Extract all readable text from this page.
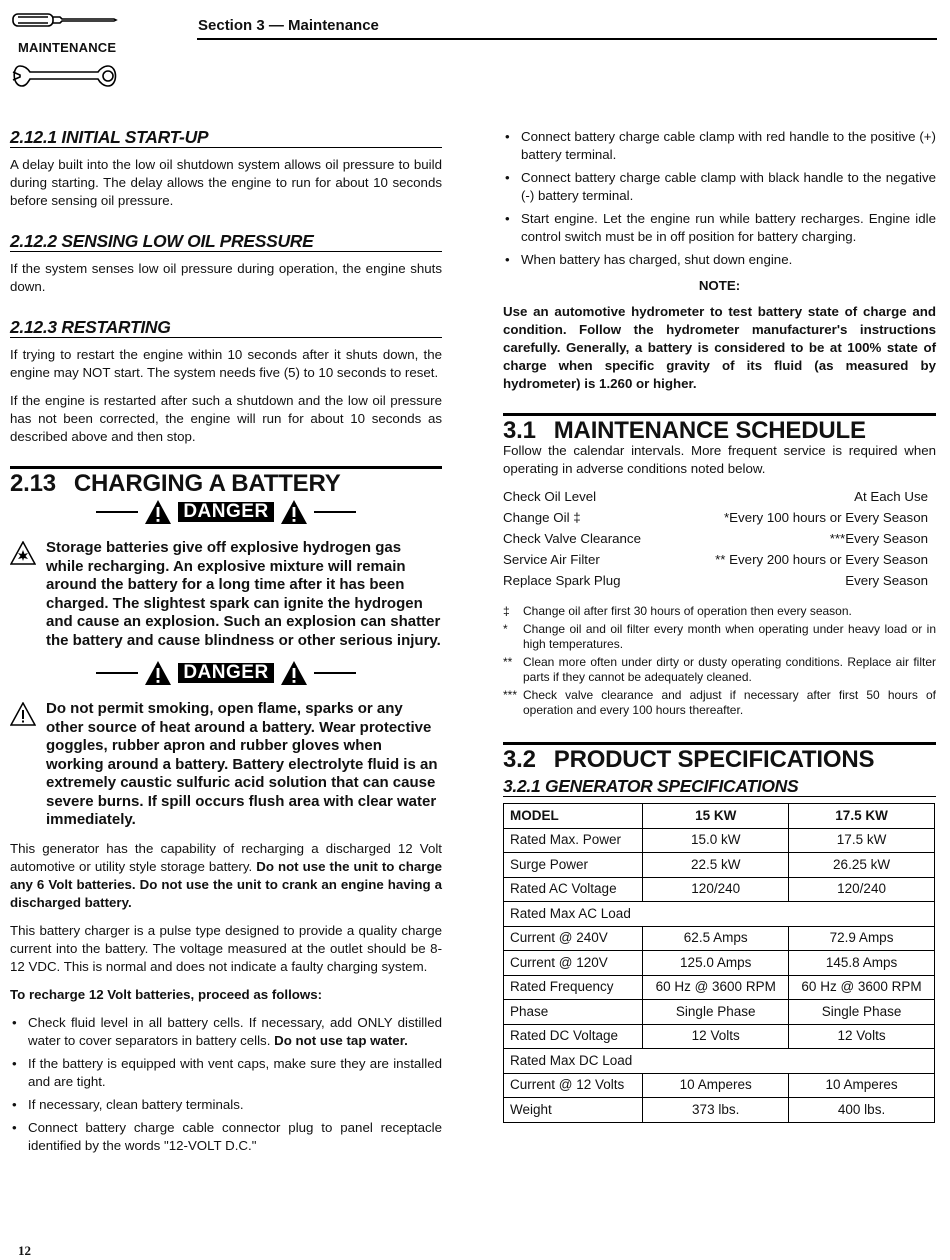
MAINTENANCE
Section 3 — Maintenance
2.12.1 INITIAL START-UP

A delay built into the low oil shutdown system allows oil pressure to build during starting. The delay allows the engine to run for about 10 seconds before sensing oil pressure.

2.12.2 SENSING LOW OIL PRESSURE

If the system senses low oil pressure during operation, the engine shuts down.

2.12.3 RESTARTING

If trying to restart the engine within 10 seconds after it shuts down, the engine may NOT start. The system needs five (5) to 10 seconds to reset.

If the engine is restarted after such a shutdown and the low oil pressure has not been corrected, the engine will run for about 10 seconds as described above and then stop.

2.13 CHARGING A BATTERY
DANGER
Storage batteries give off explosive hydrogen gas while recharging. An explosive mixture will remain around the battery for a long time after it has been charged. The slightest spark can ignite the hydrogen and cause an explosion. Such an explosion can shatter the battery and cause blindness or other serious injury.
DANGER
Do not permit smoking, open flame, sparks or any other source of heat around a battery. Wear protective goggles, rubber apron and rubber gloves when working around a battery. Battery electrolyte fluid is an extremely caustic sulfuric acid solution that can cause severe burns. If spill occurs flush area with clear water immediately.

This generator has the capability of recharging a discharged 12 Volt automotive or utility style storage battery. Do not use the unit to charge any 6 Volt batteries. Do not use the unit to crank an engine having a discharged battery.

This battery charger is a pulse type designed to provide a quality charge current into the battery. The voltage measured at the outlet should be 8-12 VDC. This is normal and does not indicate a faulty charging system.

To recharge 12 Volt batteries, proceed as follows:

• Check fluid level in all battery cells. If necessary, add ONLY distilled water to cover separators in battery cells. Do not use tap water.
• If the battery is equipped with vent caps, make sure they are installed and are tight.
• If necessary, clean battery terminals.
• Connect battery charge cable connector plug to panel receptacle identified by the words "12-VOLT D.C."
• Connect battery charge cable clamp with red handle to the positive (+) battery terminal.
• Connect battery charge cable clamp with black handle to the negative (-) battery terminal.
• Start engine. Let the engine run while battery recharges. Engine idle control switch must be in off position for battery charging.
• When battery has charged, shut down engine.
NOTE:

Use an automotive hydrometer to test battery state of charge and condition. Follow the hydrometer manufacturer's instructions carefully. Generally, a battery is considered to be at 100% state of charge when specific gravity of its fluid (as measured by hydrometer) is 1.260 or higher.

3.1 MAINTENANCE SCHEDULE

Follow the calendar intervals. More frequent service is required when operating in adverse conditions noted below.

Check Oil Level	At Each Use
Change Oil ‡	*Every 100 hours or Every Season
Check Valve Clearance	***Every Season
Service Air Filter	** Every 200 hours or Every Season
Replace Spark Plug	Every Season
‡	Change oil after first 30 hours of operation then every season.
*	Change oil and oil filter every month when operating under heavy load or in high temperatures.
** Clean more often under dirty or dusty operating conditions. Replace air filter parts if they cannot be adequately cleaned.
*** Check valve clearance and adjust if necessary after first 50 hours of operation and every 100 hours thereafter.
3.2 PRODUCT SPECIFICATIONS
3.2.1 GENERATOR SPECIFICATIONS
MODEL	15 KW	17.5 KW
Rated Max. Power	15.0 kW	17.5 kW
Surge Power	22.5 kW	26.25 kW
Rated AC Voltage	120/240	120/240
Rated Max AC Load		
Current @ 240V	62.5 Amps	72.9 Amps
Current @ 120V	125.0 Amps	145.8 Amps
Rated Frequency	60 Hz @ 3600 RPM	60 Hz @ 3600 RPM
Phase	Single Phase	Single Phase
Rated DC Voltage	12 Volts	12 Volts
Rated Max DC Load		
Current @ 12 Volts	10 Amperes	10 Amperes
Weight	373 lbs.	400 lbs.
12
